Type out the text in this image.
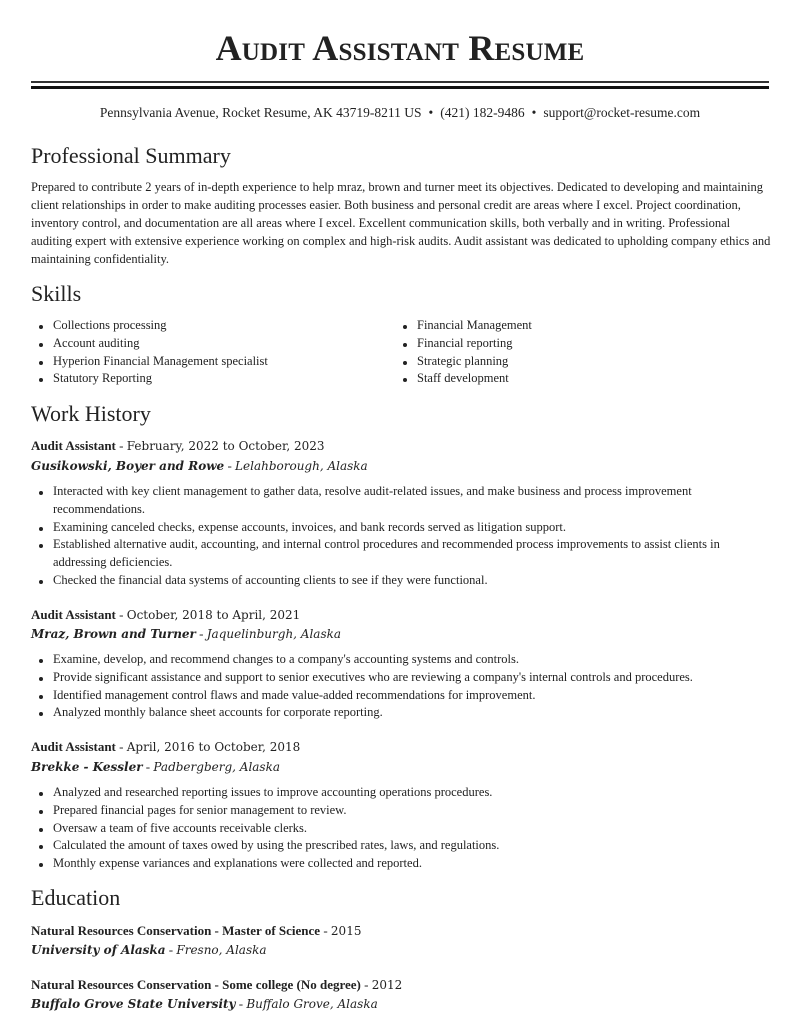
Audit Assistant Resume
Pennsylvania Avenue, Rocket Resume, AK 43719-8211 US • (421) 182-9486 • support@rocket-resume.com
Professional Summary

Prepared to contribute 2 years of in-depth experience to help mraz, brown and turner meet its objectives. Dedicated to developing and maintaining client relationships in order to make auditing processes easier. Both business and personal credit are areas where I excel. Project coordination, inventory control, and documentation are all areas where I excel. Excellent communication skills, both verbally and in writing. Professional auditing expert with extensive experience working on complex and high-risk audits. Audit assistant was dedicated to upholding company ethics and maintaining confidentiality.

Skills
Collections processing
Account auditing
Hyperion Financial Management specialist
Statutory Reporting
Financial Management
Financial reporting
Strategic planning
Staff development
Work History
Audit Assistant - February, 2022 to October, 2023
Gusikowski, Boyer and Rowe - Lelahborough, Alaska
Interacted with key client management to gather data, resolve audit-related issues, and make business and process improvement recommendations.
Examining canceled checks, expense accounts, invoices, and bank records served as litigation support.
Established alternative audit, accounting, and internal control procedures and recommended process improvements to assist clients in addressing deficiencies.
Checked the financial data systems of accounting clients to see if they were functional.
Audit Assistant - October, 2018 to April, 2021
Mraz, Brown and Turner - Jaquelinburgh, Alaska
Examine, develop, and recommend changes to a company's accounting systems and controls.
Provide significant assistance and support to senior executives who are reviewing a company's internal controls and procedures.
Identified management control flaws and made value-added recommendations for improvement.
Analyzed monthly balance sheet accounts for corporate reporting.
Audit Assistant - April, 2016 to October, 2018
Brekke - Kessler - Padbergberg, Alaska
Analyzed and researched reporting issues to improve accounting operations procedures.
Prepared financial pages for senior management to review.
Oversaw a team of five accounts receivable clerks.
Calculated the amount of taxes owed by using the prescribed rates, laws, and regulations.
Monthly expense variances and explanations were collected and reported.
Education
Natural Resources Conservation - Master of Science - 2015
University of Alaska - Fresno, Alaska
Natural Resources Conservation - Some college (No degree) - 2012
Buffalo Grove State University - Buffalo Grove, Alaska
